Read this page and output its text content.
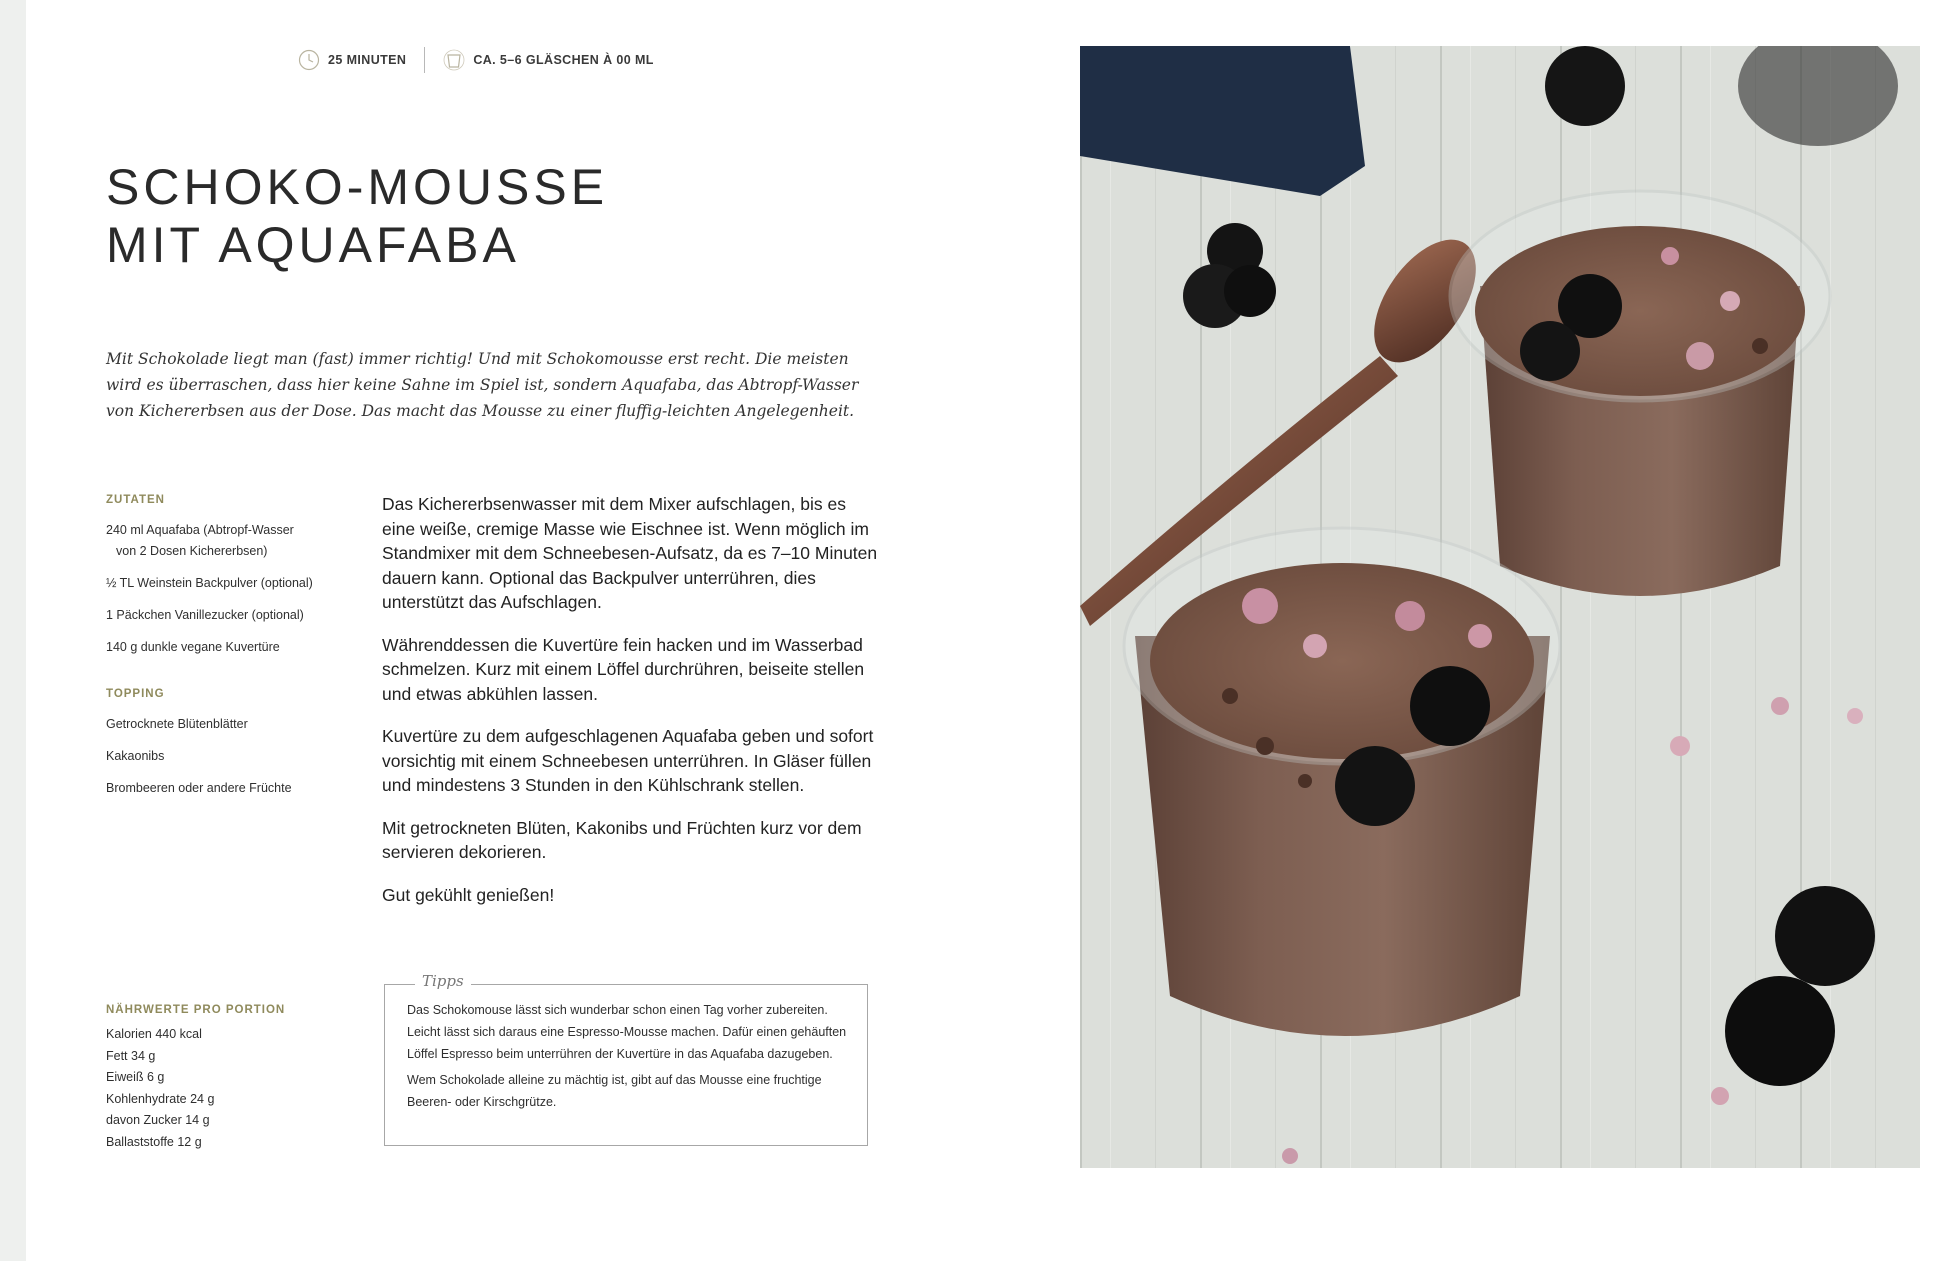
25 MINUTEN	CA. 5–6 GLÄSCHEN À 00 ML
SCHOKO-MOUSSE
MIT AQUAFABA

Mit Schokolade liegt man (fast) immer richtig! Und mit Schokomousse erst recht. Die meisten wird es überraschen, dass hier keine Sahne im Spiel ist, sondern Aquafaba, das Abtropf-Wasser von Kichererbsen aus der Dose. Das macht das Mousse zu einer fluffig-leichten Angelegenheit.

ZUTATEN
240 ml Aquafaba (Abtropf-Wasser
von 2 Dosen Kichererbsen)
½ TL Weinstein Backpulver (optional)
1 Päckchen Vanillezucker (optional)
140 g dunkle vegane Kuvertüre
TOPPING
Getrocknete Blütenblätter
Kakaonibs
Brombeeren oder andere Früchte

Das Kichererbsenwasser mit dem Mixer aufschlagen, bis es eine weiße, cremige Masse wie Eischnee ist. Wenn möglich im Standmixer mit dem Schneebesen-Aufsatz, da es 7–10 Minuten dauern kann. Optional das Backpulver unterrühren, dies unterstützt das Aufschlagen.

Währenddessen die Kuvertüre fein hacken und im Wasserbad schmelzen. Kurz mit einem Löffel durchrühren, beiseite stellen und etwas abkühlen lassen.

Kuvertüre zu dem aufgeschlagenen Aquafaba geben und sofort vorsichtig mit einem Schneebesen unterrühren. In Gläser füllen und mindestens 3 Stunden in den Kühlschrank stellen.

Mit getrockneten Blüten, Kakonibs und Früchten kurz vor dem servieren dekorieren.

Gut gekühlt genießen!

Tipps

Das Schokomouse lässt sich wunderbar schon einen Tag vorher zubereiten. Leicht lässt sich daraus eine Espresso-Mousse machen. Dafür einen gehäuften Löffel Espresso beim unterrühren der Kuvertüre in das Aquafaba dazugeben.

Wem Schokolade alleine zu mächtig ist, gibt auf das Mousse eine fruchtige Beeren- oder Kirschgrütze.

NÄHRWERTE PRO PORTION
Kalorien 440 kcal
Fett 34 g
Eiweiß 6 g
Kohlenhydrate 24 g
davon Zucker 14 g
Ballaststoffe 12 g
